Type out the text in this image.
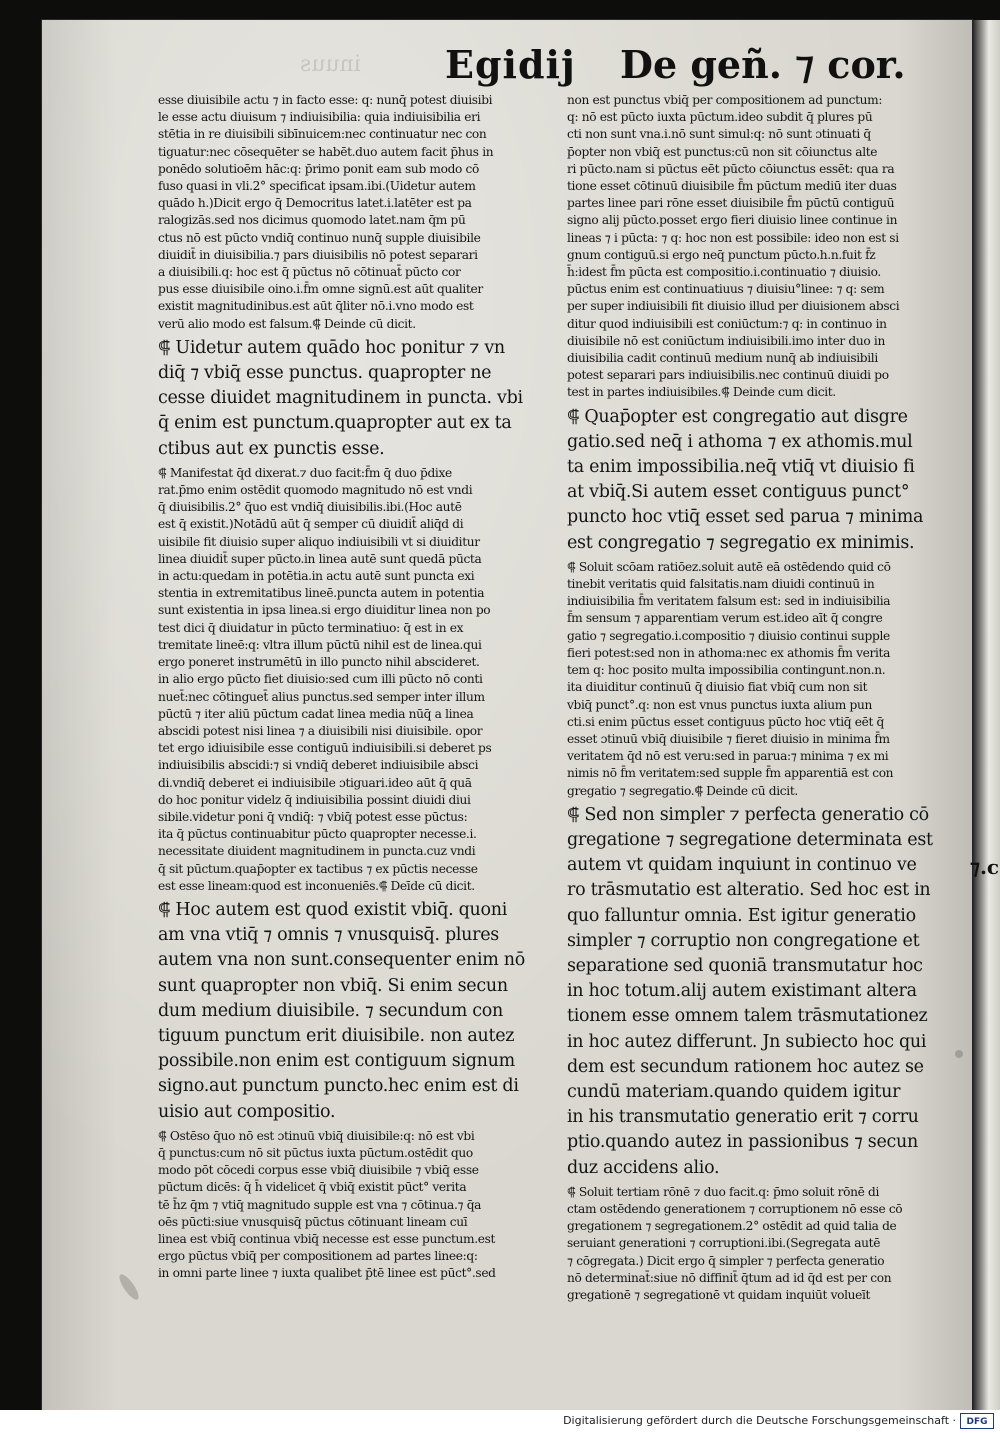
inuus Egidij De geñ. ⁊ cor.
esse diuisibile actu ⁊ in facto esse: q: nunq̄ potest diuisibi
le esse actu diuisum ⁊ indiuisibilia: quia indiuisibilia eri
stētia in re diuisibili sibīnuicem:nec continuatur nec con
tiguatur:nec cōsequēter se habēt.duo autem facit p̄hus in
ponēdo solutioēm hāc:q: p̄rimo ponit eam sub modo cō
fuso quasi in vli.2° specificat ipsam.ibi.(Uidetur autem
quādo h.)Dicit ergo q̄ Democritus latet.i.latēter est pa
ralogizās.sed nos dicimus quomodo latet.nam q̄m pū
ctus nō est pūcto vndiq̄ continuo nunq̄ supple diuisibile
diuidit̄ in diuisibilia.⁊ pars diuisibilis nō potest separari
a diuisibili.q: hoc est q̄ pūctus nō cōtinuat̄ pūcto cor
pus esse diuisibile oino.i.f̄m omne signū.est aūt qualiter
existit magnitudinibus.est aūt q̄liter nō.i.vno modo est
verū alio modo est falsum.⸿ Deinde cū dicit.
⸿ Uidetur autem quādo hoc ponitur ⁊ vn
diq̄ ⁊ vbiq̄ esse punctus. quapropter ne
cesse diuidet magnitudinem in puncta. vbi
q̄ enim est punctum.quapropter aut ex ta
ctibus aut ex punctis esse.
⸿ Manifestat q̄d dixerat.⁊ duo facit:f̄m q̄ duo p̄dixe
rat.p̄mo enim ostēdit quomodo magnitudo nō est vndi
q̄ diuisibilis.2° q̄uo est vndiq̄ diuisibilis.ibi.(Hoc autē
est q̄ existit.)Notādū aūt q̄ semper cū diuidit̄ aliq̄d di
uisibile fit diuisio super aliquo indiuisibili vt si diuiditur
linea diuidit̄ super pūcto.in linea autē sunt quedā pūcta
in actu:quedam in potētia.in actu autē sunt puncta exi
stentia in extremitatibus lineē.puncta autem in potentia
sunt existentia in ipsa linea.si ergo diuiditur linea non po
test dici q̄ diuidatur in pūcto terminatiuo: q̄ est in ex
tremitate lineē:q: vltra illum pūctū nihil est de linea.qui
ergo poneret instrumētū in illo puncto nihil abscideret.
in alio ergo pūcto fiet diuisio:sed cum illi pūcto nō conti
nuet̄:nec cōtinguet̄ alius punctus.sed semper inter illum
pūctū ⁊ iter aliū pūctum cadat linea media nūq̄ a linea
abscidi potest nisi linea ⁊ a diuisibili nisi diuisibile. opor
tet ergo idiuisibile esse contiguū indiuisibili.si deberet ps
indiuisibilis abscidi:⁊ si vndiq̄ deberet indiuisibile absci
di.vndiq̄ deberet ei indiuisibile ɔtiguari.ideo aūt q̄ quā
do hoc ponitur videlz q̄ indiuisibilia possint diuidi diui
sibile.videtur poni q̄ vndiq̄: ⁊ vbiq̄ potest esse pūctus:
ita q̄ pūctus continuabitur pūcto quapropter necesse.i.
necessitate diuident magnitudinem in puncta.cuz vndi
q̄ sit pūctum.quap̄opter ex tactibus ⁊ ex pūctis necesse
est esse lineam:quod est inconueniēs.⸿ Deīde cū dicit.
⸿ Hoc autem est quod existit vbiq̄. quoni
am vna vtiq̄ ⁊ omnis ⁊ vnusquisq̄. plures
autem vna non sunt.consequenter enim nō
sunt quapropter non vbiq̄. Si enim secun
dum medium diuisibile. ⁊ secundum con
tiguum punctum erit diuisibile. non autez
possibile.non enim est contiguum signum
signo.aut punctum puncto.hec enim est di
uisio aut compositio.
⸿ Ostēso q̄uo nō est ɔtinuū vbiq̄ diuisibile:q: nō est vbi
q̄ punctus:cum nō sit pūctus iuxta pūctum.ostēdit quo
modo pōt cōcedi corpus esse vbiq̄ diuisibile ⁊ vbiq̄ esse
pūctum dicēs: q̄ h̄ videlicet q̄ vbiq̄ existit pūct° verita
tē h̄z q̄m ⁊ vtiq̄ magnitudo supple est vna ⁊ cōtinua.⁊ q̄a
oēs pūcti:siue vnusquisq̄ pūctus cōtinuant lineam cuī
linea est vbiq̄ continua vbiq̄ necesse est esse punctum.est
ergo pūctus vbiq̄ per compositionem ad partes linee:q:
in omni parte linee ⁊ iuxta qualibet p̄tē linee est pūct°.sed
non est punctus vbiq̄ per compositionem ad punctum:
q: nō est pūcto iuxta pūctum.ideo subdit q̄ plures pū
cti non sunt vna.i.nō sunt simul:q: nō sunt ɔtinuati q̄
p̄opter non vbiq̄ est punctus:cū non sit cōiunctus alte
ri pūcto.nam si pūctus eēt pūcto cōiunctus essēt: qua ra
tione esset cōtinuū diuisibile f̄m pūctum mediū iter duas
partes linee pari rōne esset diuisibile f̄m pūctū contiguū
signo alij pūcto.posset ergo fieri diuisio linee continue in
lineas ⁊ i pūcta: ⁊ q: hoc non est possibile: ideo non est si
gnum contiguū.si ergo neq̄ punctum pūcto.h.n.fuit f̄z
h̄:idest f̄m pūcta est compositio.i.continuatio ⁊ diuisio.
pūctus enim est continuatiuus ⁊ diuisiu°linee: ⁊ q: sem
per super indiuisibili fit diuisio illud per diuisionem absci
ditur quod indiuisibili est coniūctum:⁊ q: in continuo in
diuisibile nō est coniūctum indiuisibili.imo inter duo in
diuisibilia cadit continuū medium nunq̄ ab indiuisibili
potest separari pars indiuisibilis.nec continuū diuidi po
test in partes indiuisibiles.⸿ Deinde cum dicit.
⸿ Quap̄opter est congregatio aut disgre
gatio.sed neq̄ i athoma ⁊ ex athomis.mul
ta enim impossibilia.neq̄ vtiq̄ vt diuisio fi
at vbiq̄.Si autem esset contiguus punct°
puncto hoc vtiq̄ esset sed parua ⁊ minima
est congregatio ⁊ segregatio ex minimis.
⸿ Soluit scōam ratiōez.soluit autē eā ostēdendo quid cō
tinebit veritatis quid falsitatis.nam diuidi continuū in
indiuisibilia f̄m veritatem falsum est: sed in indiuisibilia
f̄m sensum ⁊ apparentiam verum est.ideo aīt q̄ congre
gatio ⁊ segregatio.i.compositio ⁊ diuisio continui supple
fieri potest:sed non in athoma:nec ex athomis f̄m verita
tem q: hoc posito multa impossibilia contingunt.non.n.
ita diuiditur continuū q̄ diuisio fiat vbiq̄ cum non sit
vbiq̄ punct°.q: non est vnus punctus iuxta alium pun
cti.si enim pūctus esset contiguus pūcto hoc vtiq̄ eēt q̄
esset ɔtinuū vbiq̄ diuisibile ⁊ fieret diuisio in minima f̄m
veritatem q̄d nō est veru:sed in parua:⁊ minima ⁊ ex mi
nimis nō f̄m veritatem:sed supple f̄m apparentiā est con
gregatio ⁊ segregatio.⸿ Deinde cū dicit.
⸿ Sed non simpler ⁊ perfecta generatio cō
gregatione ⁊ segregatione determinata est
autem vt quidam inquiunt in continuo ve
ro trāsmutatio est alteratio. Sed hoc est in
quo falluntur omnia. Est igitur generatio
simpler ⁊ corruptio non congregatione et
separatione sed quoniā transmutatur hoc
in hoc totum.alij autem existimant altera
tionem esse omnem talem trāsmutationez
in hoc autez differunt. Jn subiecto hoc qui
dem est secundum rationem hoc autez se
cundū materiam.quando quidem igitur
in his transmutatio generatio erit ⁊ corru
ptio.quando autez in passionibus ⁊ secun
duz accidens alio.
⸿ Soluit tertiam rōnē ⁊ duo facit.q: p̄mo soluit rōnē di
ctam ostēdendo generationem ⁊ corruptionem nō esse cō
gregationem ⁊ segregationem.2° ostēdit ad quid talia de
seruiant generationi ⁊ corruptioni.ibi.(Segregata autē
⁊ cōgregata.) Dicit ergo q̄ simpler ⁊ perfecta generatio
nō determinat̄:siue nō diffinit̄ q̄tum ad id q̄d est per con
gregationē ⁊ segregationē vt quidam inquiūt volueīt
⁊.c
Digitalisierung gefördert durch die Deutsche Forschungsgemeinschaft ·	DFG
